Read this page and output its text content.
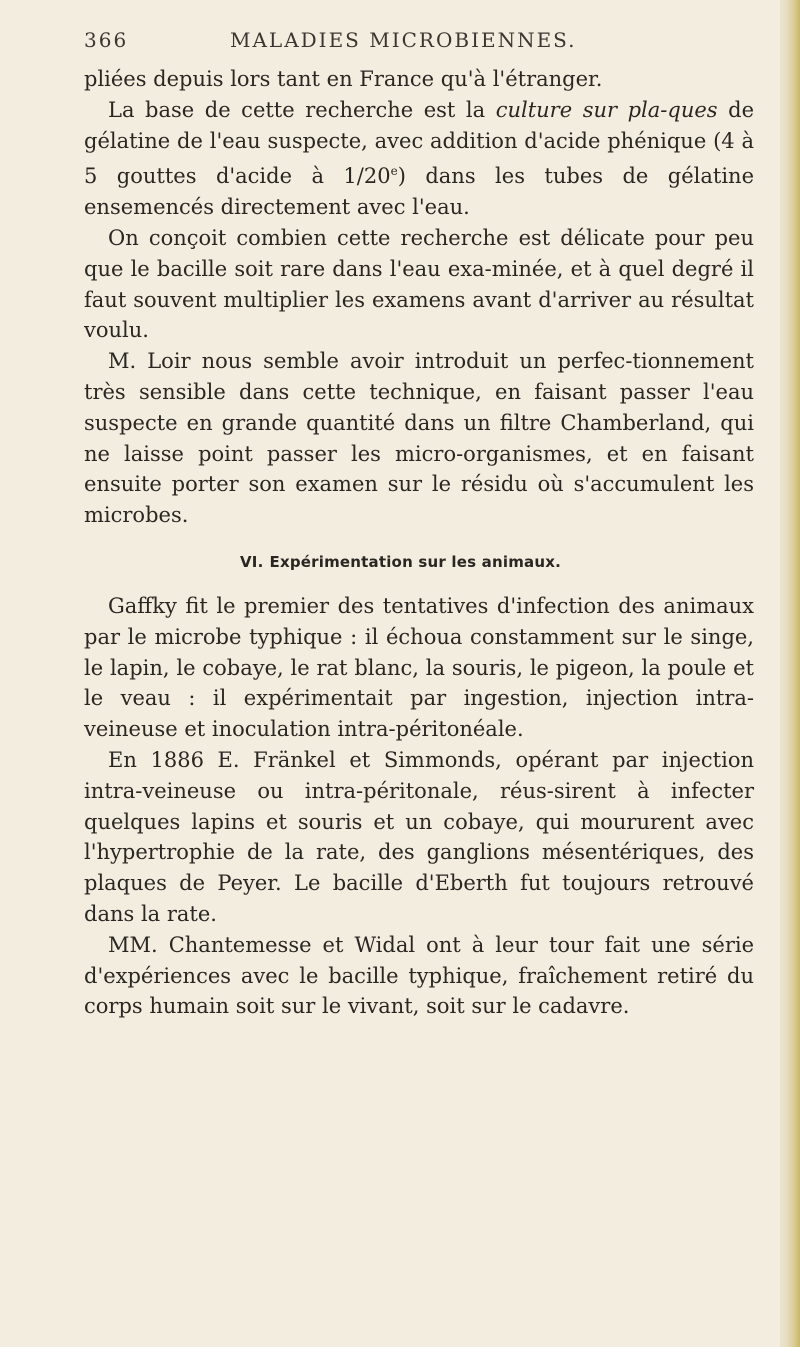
366	MALADIES MICROBIENNES.

pliées depuis lors tant en France qu'à l'étranger.

La base de cette recherche est la culture sur pla-ques de gélatine de l'eau suspecte, avec addition d'acide phénique (4 à 5 gouttes d'acide à 1/20e) dans les tubes de gélatine ensemencés directement avec l'eau.

On conçoit combien cette recherche est délicate pour peu que le bacille soit rare dans l'eau exa-minée, et à quel degré il faut souvent multiplier les examens avant d'arriver au résultat voulu.

M. Loir nous semble avoir introduit un perfec-tionnement très sensible dans cette technique, en faisant passer l'eau suspecte en grande quantité dans un filtre Chamberland, qui ne laisse point passer les micro-organismes, et en faisant ensuite porter son examen sur le résidu où s'accumulent les microbes.

VI. Expérimentation sur les animaux.

Gaffky fit le premier des tentatives d'infection des animaux par le microbe typhique : il échoua constamment sur le singe, le lapin, le cobaye, le rat blanc, la souris, le pigeon, la poule et le veau : il expérimentait par ingestion, injection intra-veineuse et inoculation intra-péritonéale.

En 1886 E. Fränkel et Simmonds, opérant par injection intra-veineuse ou intra-péritonale, réus-sirent à infecter quelques lapins et souris et un cobaye, qui moururent avec l'hypertrophie de la rate, des ganglions mésentériques, des plaques de Peyer. Le bacille d'Eberth fut toujours retrouvé dans la rate.

MM. Chantemesse et Widal ont à leur tour fait une série d'expériences avec le bacille typhique, fraîchement retiré du corps humain soit sur le vivant, soit sur le cadavre.
